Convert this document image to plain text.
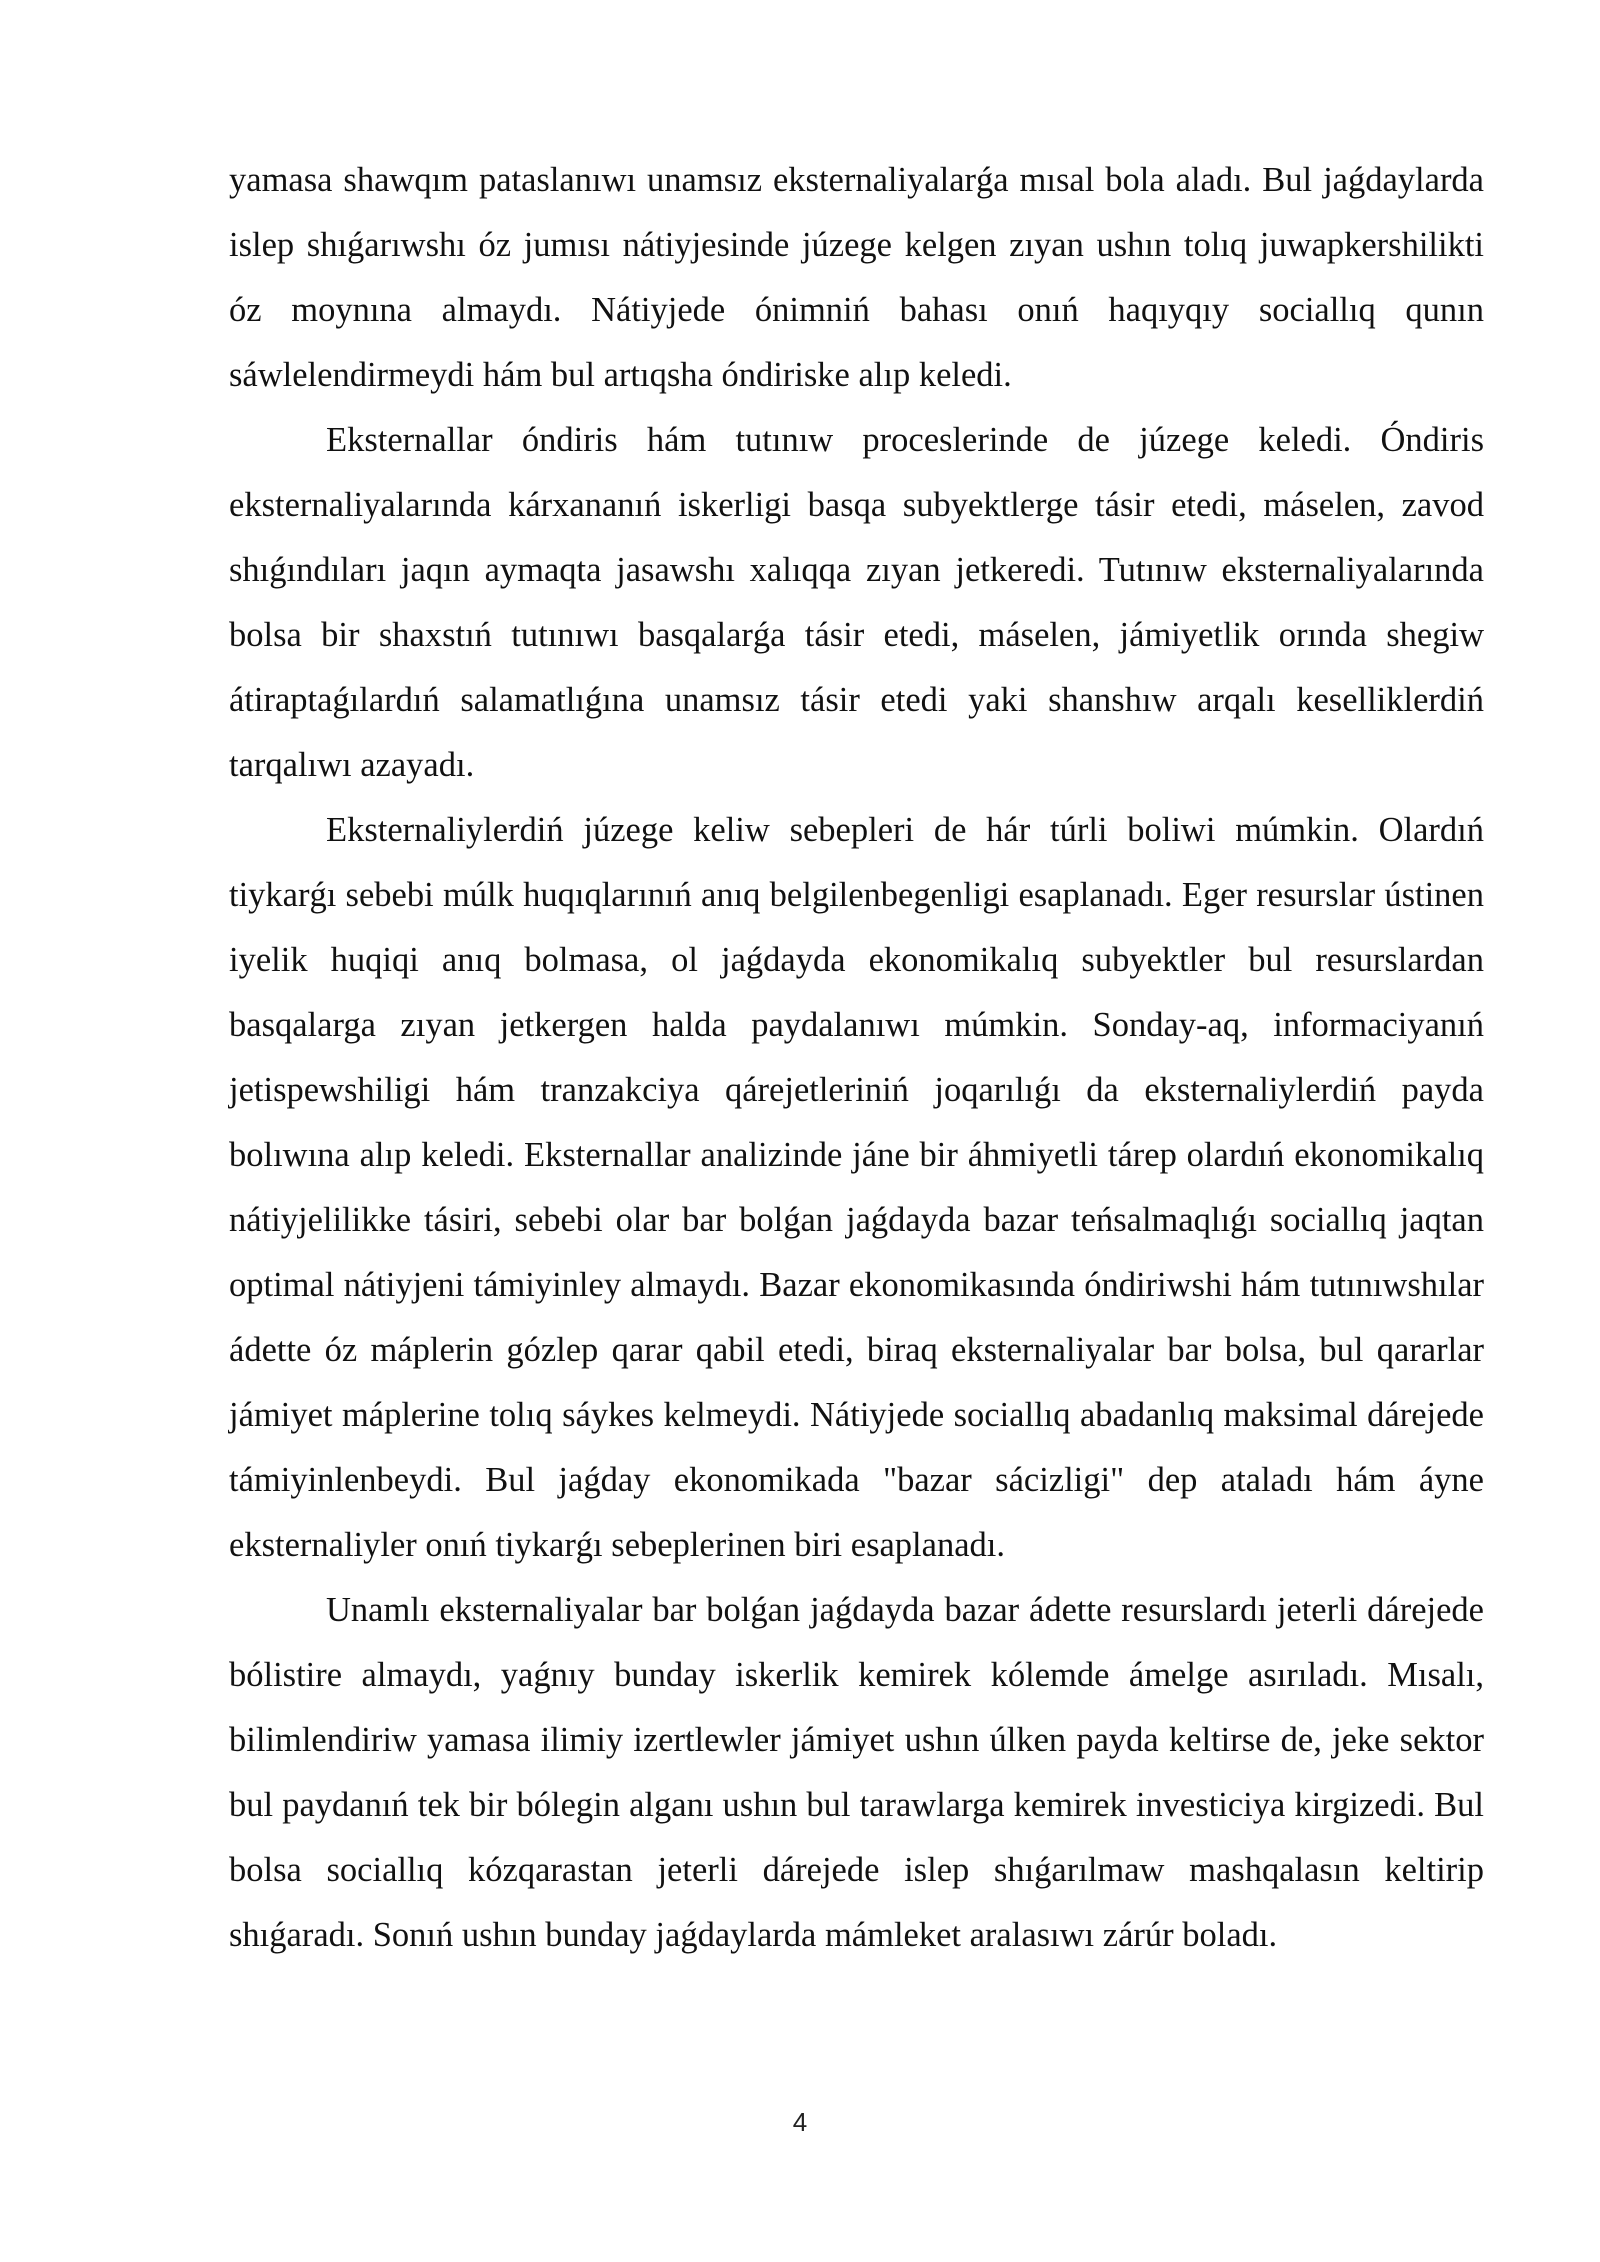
yamasa shawqım pataslanıwı unamsız eksternaliyalarǵa mısal bola aladı. Bul jaǵdaylarda islep shıǵarıwshı óz jumısı nátiyjesinde júzege kelgen zıyan ushın tolıq juwapkershilikti óz moynına almaydı. Nátiyjede ónimniń bahası onıń haqıyqıy sociallıq qunın sáwlelendirmeydi hám bul artıqsha óndiriske alıp keledi.

Eksternallar óndiris hám tutınıw proceslerinde de júzege keledi. Óndiris eksternaliyalarında kárxananıń iskerligi basqa subyektlerge tásir etedi, máselen, zavod shıǵındıları jaqın aymaqta jasawshı xalıqqa zıyan jetkeredi. Tutınıw eksternaliyalarında bolsa bir shaxstıń tutınıwı basqalarǵa tásir etedi, máselen, jámiyetlik orında shegiw átiraptaǵılardıń salamatlıǵına unamsız tásir etedi yaki shanshıw arqalı keselliklerdiń tarqalıwı azayadı.

Eksternaliylerdiń júzege keliw sebepleri de hár túrli boliwi múmkin. Olardıń tiykarǵı sebebi múlk huqıqlarınıń anıq belgilenbegenligi esaplanadı. Eger resurslar ústinen iyelik huqiqi anıq bolmasa, ol jaǵdayda ekonomikalıq subyektler bul resurslardan basqalarga zıyan jetkergen halda paydalanıwı múmkin. Sonday-aq, informaciyanıń jetispewshiligi hám tranzakciya qárejetleriniń joqarılıǵı da eksternaliylerdiń payda bolıwına alıp keledi. Eksternallar analizinde jáne bir áhmiyetli tárep olardıń ekonomikalıq nátiyjelilikke tásiri, sebebi olar bar bolǵan jaǵdayda bazar teńsalmaqlıǵı sociallıq jaqtan optimal nátiyjeni támiyinley almaydı. Bazar ekonomikasında óndiriwshi hám tutınıwshılar ádette óz máplerin gózlep qarar qabil etedi, biraq eksternaliyalar bar bolsa, bul qararlar jámiyet máplerine tolıq sáykes kelmeydi. Nátiyjede sociallıq abadanlıq maksimal dárejede támiyinlenbeydi. Bul jaǵday ekonomikada "bazar sácizligi" dep ataladı hám áyne eksternaliyler onıń tiykarǵı sebeplerinen biri esaplanadı.

Unamlı eksternaliyalar bar bolǵan jaǵdayda bazar ádette resurslardı jeterli dárejede bólistire almaydı, yaǵnıy bunday iskerlik kemirek kólemde ámelge asırıladı. Mısalı, bilimlendiriw yamasa ilimiy izertlewler jámiyet ushın úlken payda keltirse de, jeke sektor bul paydanıń tek bir bólegin alganı ushın bul tarawlarga kemirek investiciya kirgizedi. Bul bolsa sociallıq kózqarastan jeterli dárejede islep shıǵarılmaw mashqalasın keltirip shıǵaradı. Sonıń ushın bunday jaǵdaylarda mámleket aralasıwı zárúr boladı.

4
